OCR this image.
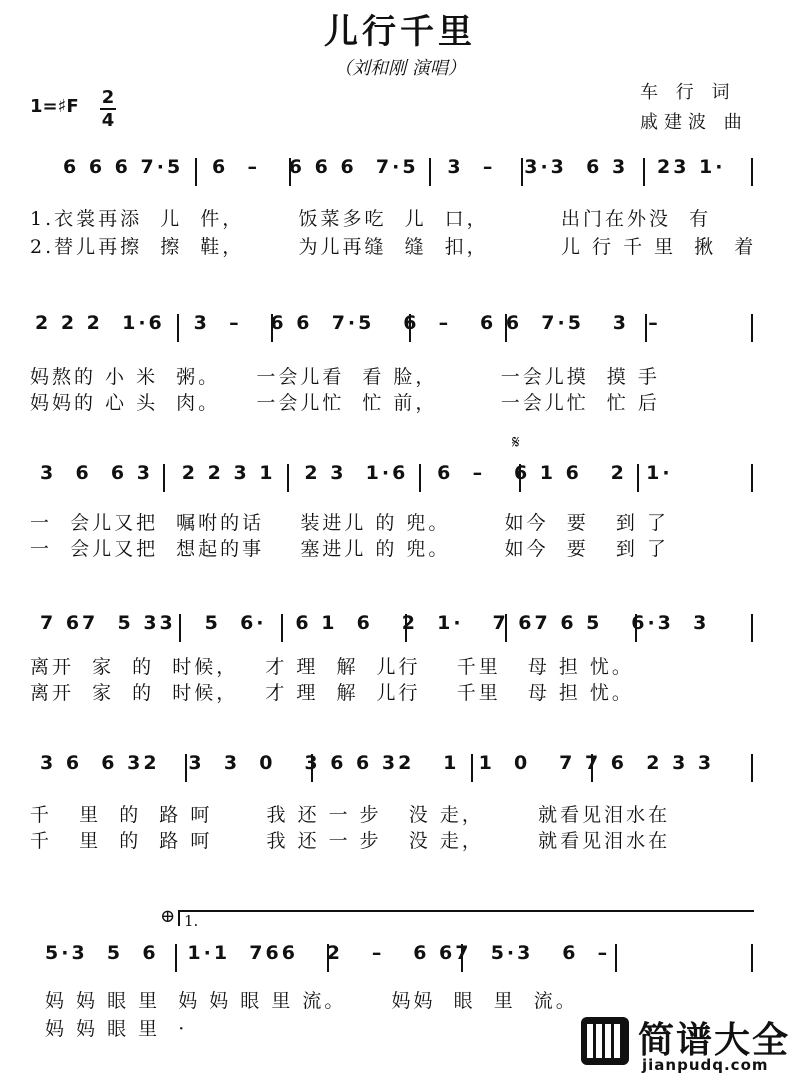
儿行千里
（刘和刚 演唱）
1=♯F 2
4
车 行 词
戚建波 曲
6 6 6 7·5   6  –   6 6 6  7·5   3  –   3·3  6 3   23 1·
1.衣裳再添  儿  件，      饭菜多吃  儿  口，        出门在外没  有
2.替儿再擦  擦  鞋，      为儿再缝  缝  扣，        儿 行 千 里  揪  着
2 2 2  1·6   3  –   6 6  7·5   6  –   6 6  7·5   3  –
妈熬的 小 米  粥。    一会儿看  看 脸，       一会儿摸  摸 手
妈妈的 心 头  肉。    一会儿忙  忙 前，       一会儿忙  忙 后
𝄋
3  6  6 3   2 2 3 1   2 3  1·6   6  –   6 1 6   2  1·
一  会儿又把  嘱咐的话    装进儿 的 兜。      如今  要   到 了
一  会儿又把  想起的事    塞进儿 的 兜。      如今  要   到 了
7 67  5 33   5  6·   6 1  6   2  1·   7 67 6 5   6·3  3
离开  家  的  时候，   才 理  解  儿行    千里   母 担 忧。
离开  家  的  时候，   才 理  解  儿行    千里   母 担 忧。
3 6  6 32   3  3  0   3 6 6 32   1  1  0   7 7 6  2 3 3
千   里  的  路 呵      我 还 一 步   没 走，      就看见泪水在
千   里  的  路 呵      我 还 一 步   没 走，      就看见泪水在
⊕ 1.
5·3  5  6   1·1  766   2   –   6 67  5·3   6  –
妈 妈 眼 里  妈 妈 眼 里 流。     妈妈  眼  里  流。
妈 妈 眼 里  ·	简谱大全
jianpudq.com
